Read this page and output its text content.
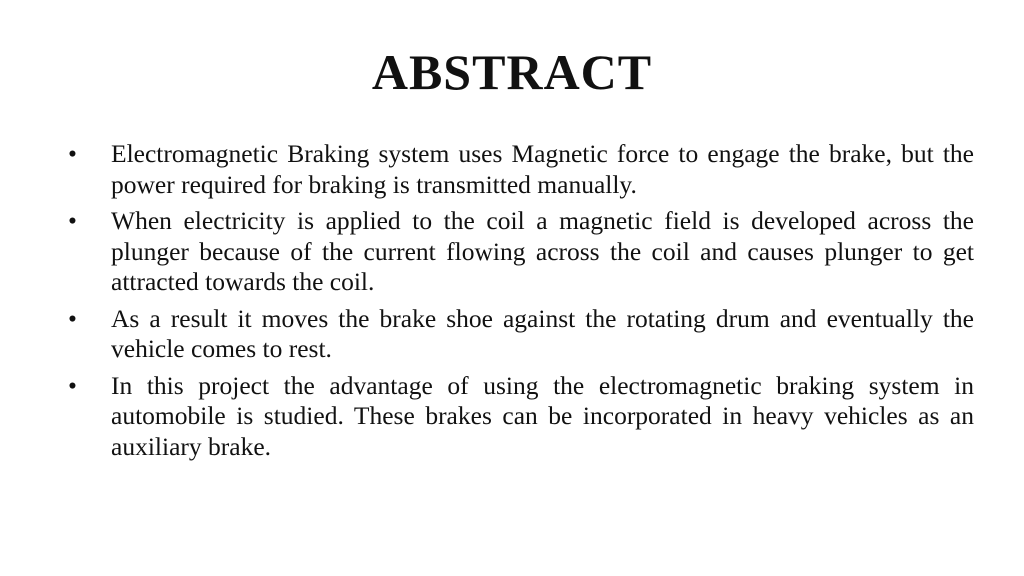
ABSTRACT
•	Electromagnetic Braking system uses Magnetic force to engage the brake, but the power required for braking is transmitted manually.
•	When electricity is applied to the coil a magnetic field is developed across the plunger because of the current flowing across the coil and causes plunger to get attracted towards the coil.
•	As a result it moves the brake shoe against the rotating drum and eventually the vehicle comes to rest.
•	In this project the advantage of using the electromagnetic braking system in automobile is studied. These brakes can be incorporated in heavy vehicles as an auxiliary brake.
